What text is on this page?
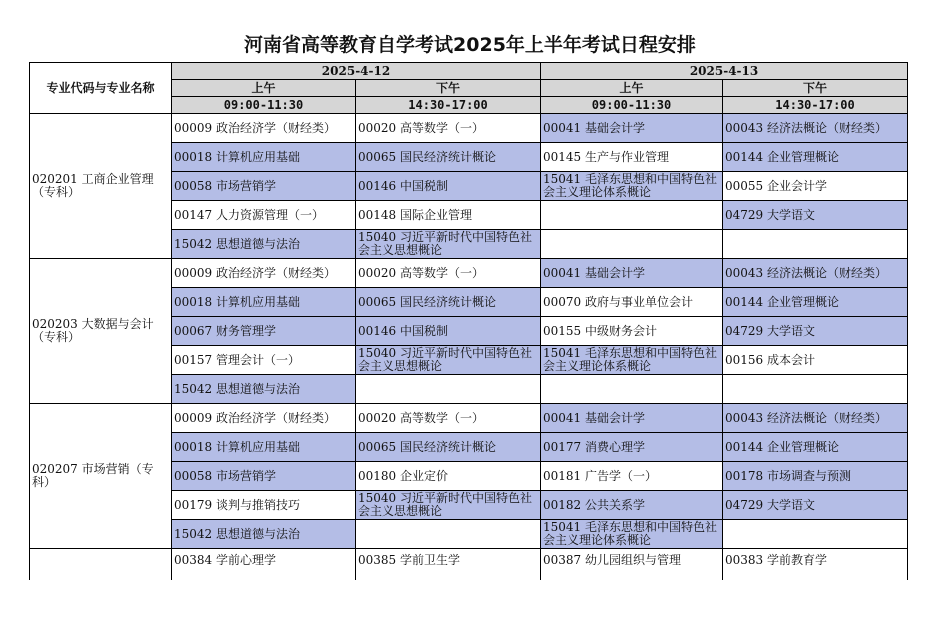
河南省高等教育自学考试2025年上半年考试日程安排
专业代码与专业名称	2025-4-12		2025-4-13	
	上午	下午	上午	下午
	09:00-11:30	14:30-17:00	09:00-11:30	14:30-17:00
020201 工商企业管理（专科）	00009 政治经济学（财经类）	00020 高等数学（一）	00041 基础会计学	00043 经济法概论（财经类）
	00018 计算机应用基础	00065 国民经济统计概论	00145 生产与作业管理	00144 企业管理概论
	00058 市场营销学	00146 中国税制	15041 毛泽东思想和中国特色社会主义理论体系概论	00055 企业会计学
	00147 人力资源管理（一）	00148 国际企业管理		04729 大学语文
	15042 思想道德与法治	15040 习近平新时代中国特色社会主义思想概论		
020203 大数据与会计（专科）	00009 政治经济学（财经类）	00020 高等数学（一）	00041 基础会计学	00043 经济法概论（财经类）
	00018 计算机应用基础	00065 国民经济统计概论	00070 政府与事业单位会计	00144 企业管理概论
	00067 财务管理学	00146 中国税制	00155 中级财务会计	04729 大学语文
	00157 管理会计（一）	15040 习近平新时代中国特色社会主义思想概论	15041 毛泽东思想和中国特色社会主义理论体系概论	00156 成本会计
	15042 思想道德与法治			
020207 市场营销（专科）	00009 政治经济学（财经类）	00020 高等数学（一）	00041 基础会计学	00043 经济法概论（财经类）
	00018 计算机应用基础	00065 国民经济统计概论	00177 消费心理学	00144 企业管理概论
	00058 市场营销学	00180 企业定价	00181 广告学（一）	00178 市场调查与预测
	00179 谈判与推销技巧	15040 习近平新时代中国特色社会主义思想概论	00182 公共关系学	04729 大学语文
	15042 思想道德与法治		15041 毛泽东思想和中国特色社会主义理论体系概论	
	00384 学前心理学	00385 学前卫生学	00387 幼儿园组织与管理	00383 学前教育学
